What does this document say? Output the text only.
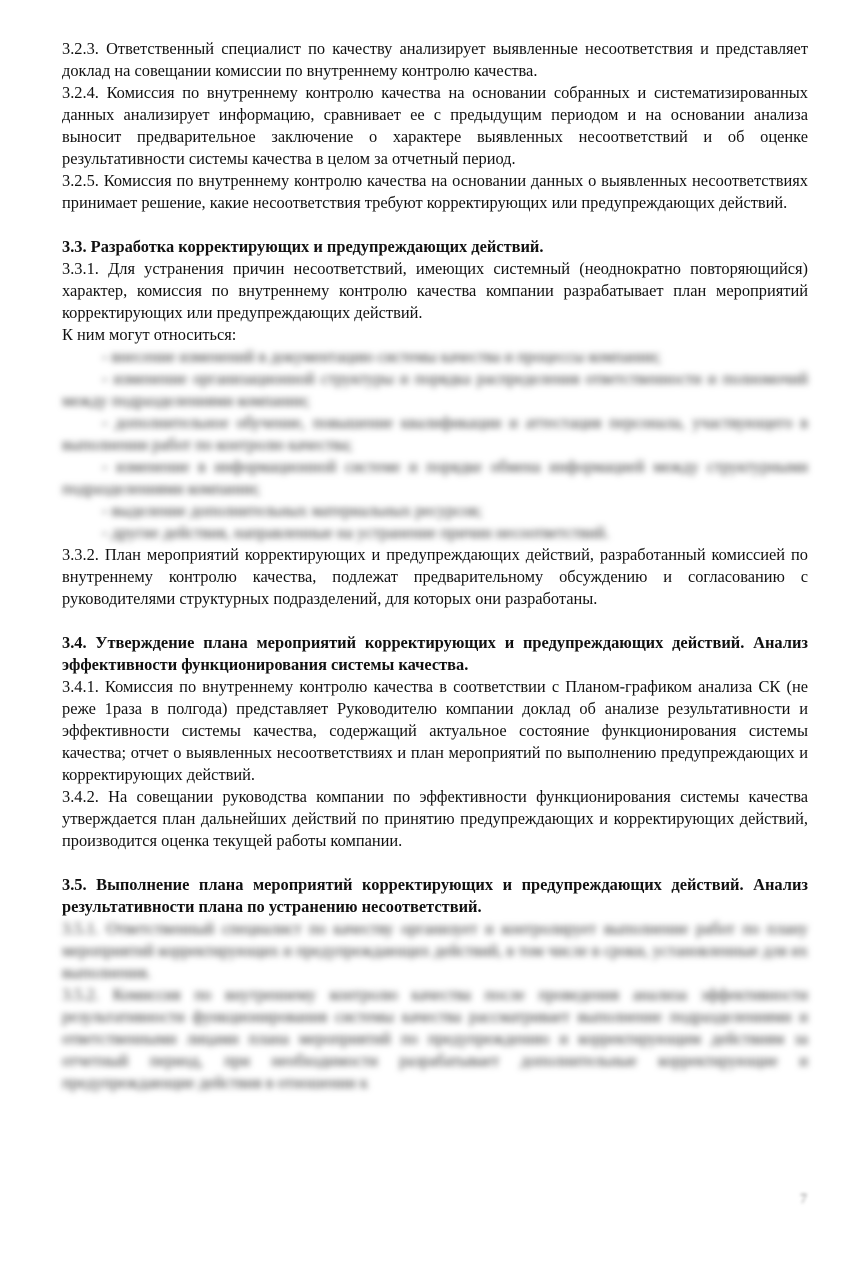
3.2.3. Ответственный специалист по качеству анализирует выявленные несоответствия и представляет доклад на совещании комиссии по внутреннему контролю качества.

3.2.4. Комиссия по внутреннему контролю качества на основании собранных и систематизированных данных анализирует информацию, сравнивает ее с предыдущим периодом и на основании анализа выносит предварительное заключение о характере выявленных несоответствий и об оценке результативности системы качества в целом за отчетный период.

3.2.5. Комиссия по внутреннему контролю качества на основании данных о выявленных несоответствиях принимает решение, какие несоответствия требуют корректирующих или предупреждающих действий.

3.3. Разработка корректирующих и предупреждающих действий.

3.3.1. Для устранения причин несоответствий, имеющих системный (неоднократно повторяющийся) характер, комиссия по внутреннему контролю качества компании разрабатывает план мероприятий корректирующих или предупреждающих действий.

К ним могут относиться:

- внесение изменений в документацию системы качества и процессы компании;

- изменение организационной структуры и порядка распределения ответственности и полномочий между подразделениями компании;

- дополнительное обучение, повышение квалификации и аттестация персонала, участвующего в выполнении работ по контролю качества;

- изменение в информационной системе и порядке обмена информацией между структурными подразделениями компании;

- выделение дополнительных материальных ресурсов;

- другие действия, направленные на устранение причин несоответствий.

3.3.2. План мероприятий корректирующих и предупреждающих действий, разработанный комиссией по внутреннему контролю качества, подлежат предварительному обсуждению и согласованию с руководителями структурных подразделений, для которых они разработаны.

3.4. Утверждение плана мероприятий корректирующих и предупреждающих действий. Анализ эффективности функционирования системы качества.

3.4.1. Комиссия по внутреннему контролю качества в соответствии с Планом-графиком анализа СК (не реже 1раза в полгода) представляет Руководителю компании доклад об анализе результативности и эффективности системы качества, содержащий актуальное состояние функционирования системы качества; отчет о выявленных несоответствиях и план мероприятий по выполнению предупреждающих и корректирующих действий.

3.4.2. На совещании руководства компании по эффективности функционирования системы качества утверждается план дальнейших действий по принятию предупреждающих и корректирующих действий, производится оценка текущей работы компании.

3.5. Выполнение плана мероприятий корректирующих и предупреждающих действий. Анализ результативности плана по устранению несоответствий.

3.5.1. Ответственный специалист по качеству организует и контролирует выполнение работ по плану мероприятий корректирующих и предупреждающих действий, в том числе в сроки, установленные для их выполнения.

3.5.2. Комиссия по внутреннему контролю качества после проведения анализа эффективности результативности функционирования системы качества рассматривает выполнение подразделениями и ответственными лицами плана мероприятий по предупреждению и корректирующим действиям за отчетный период, при необходимости разрабатывает дополнительные корректирующие и предупреждающие действия в отношении к

7
